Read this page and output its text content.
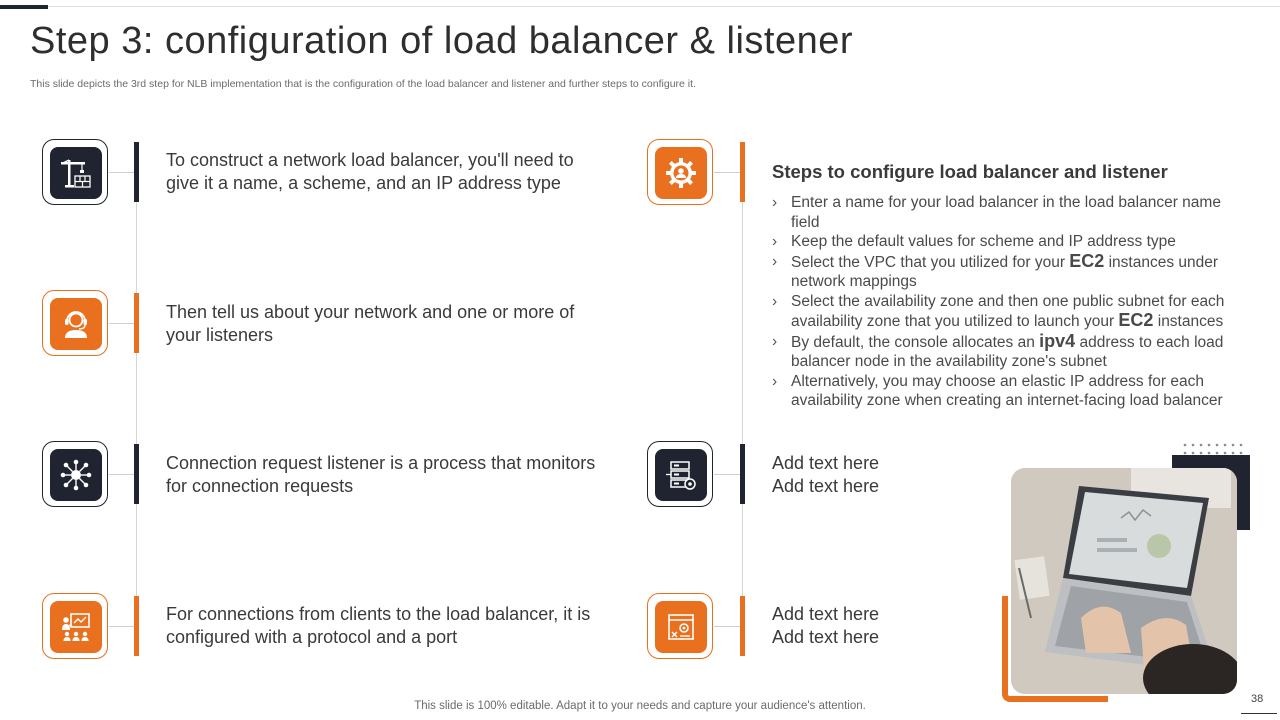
Step 3: configuration of load balancer & listener
This slide depicts the 3rd step for NLB implementation that is the configuration of the load balancer and listener and further steps to configure it.
To construct a network load balancer, you'll need to give it a name, a scheme, and an IP address type
Then tell us about your network and one or more of your listeners
Connection request listener is a process that monitors for connection requests
For connections from clients to the load balancer, it is configured with a protocol and a port
Steps to configure load balancer and listener
› Enter a name for your load balancer in the load balancer name field
› Keep the default values for scheme and IP address type
› Select the VPC that you utilized for your EC2 instances under network mappings
› Select the availability zone and then one public subnet for each availability zone that you utilized to launch your EC2 instances
› By default, the console allocates an ipv4 address to each load balancer node in the availability zone's subnet
› Alternatively, you may choose an elastic IP address for each availability zone when creating an internet-facing load balancer
Add text here
Add text here
Add text here
Add text here
This slide is 100% editable. Adapt it to your needs and capture your audience's attention.
38
